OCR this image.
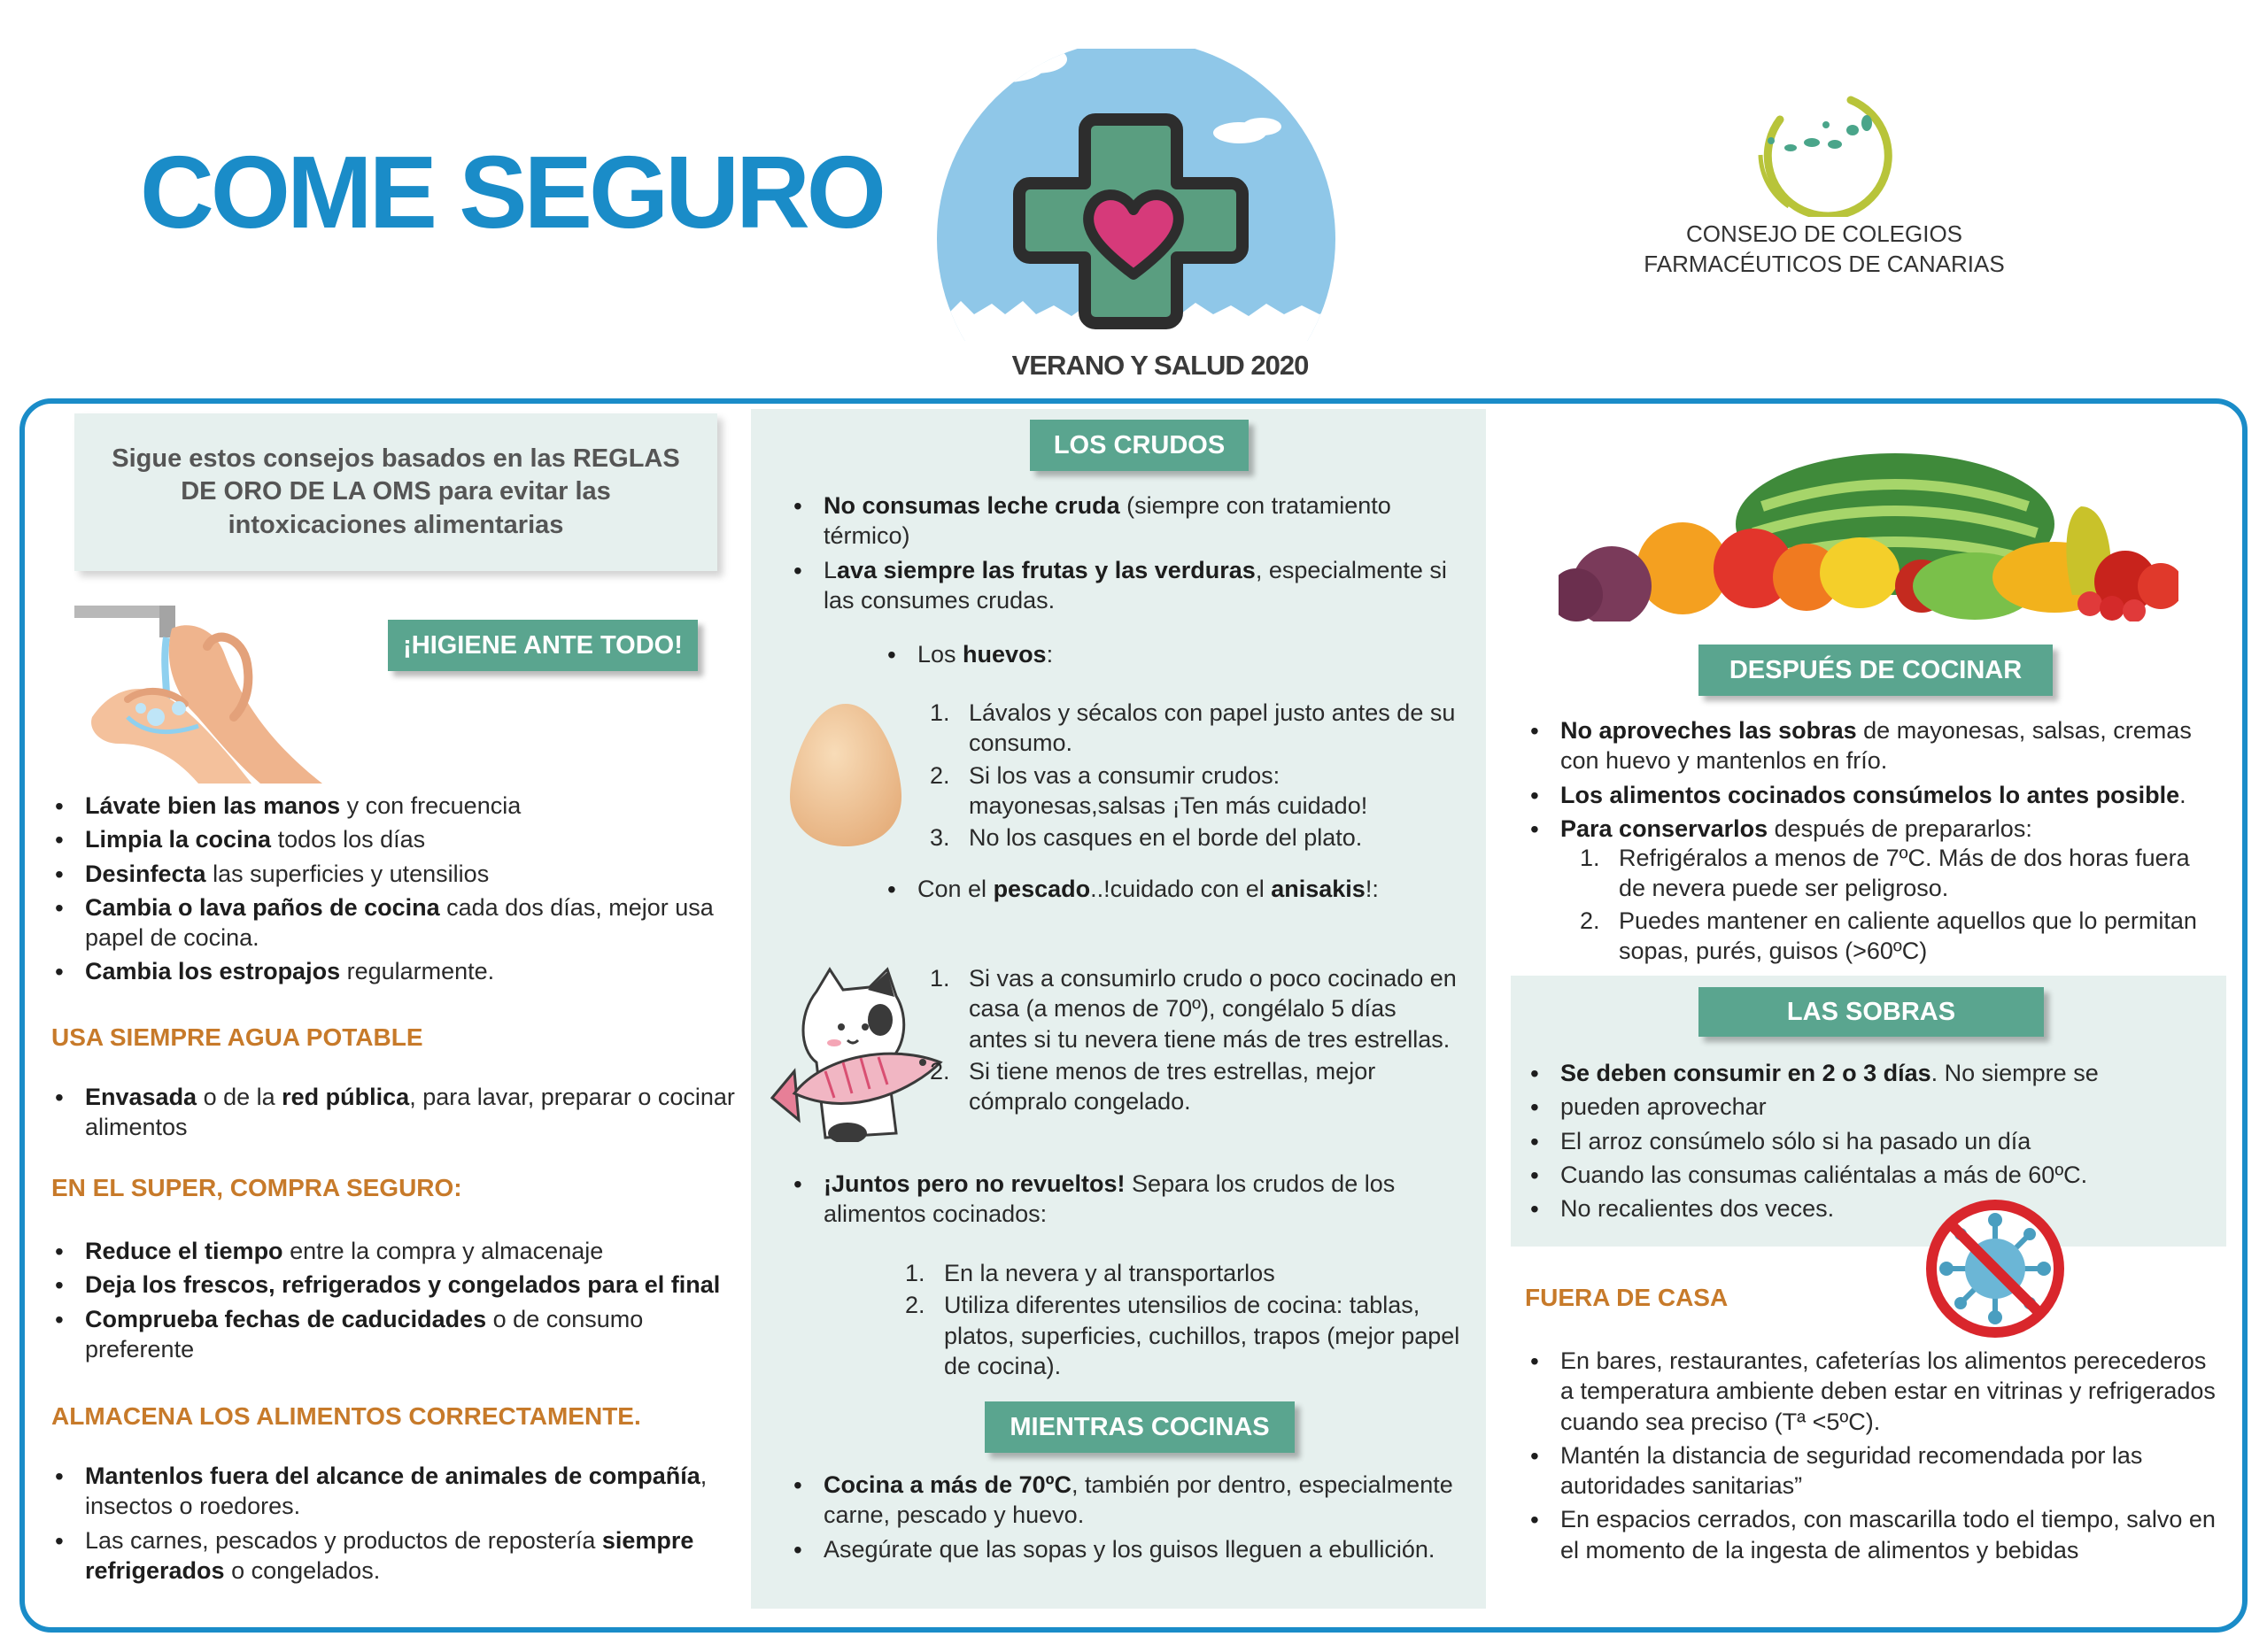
COME SEGURO
VERANO Y SALUD 2020
CONSEJO DE COLEGIOS
FARMACÉUTICOS DE CANARIAS
Sigue estos consejos basados en las REGLAS DE ORO DE LA OMS para evitar las intoxicaciones alimentarias
¡HIGIENE ANTE TODO!
• Lávate bien las manos y con frecuencia
• Limpia la cocina todos los días
• Desinfecta las superficies y utensilios
• Cambia o lava paños de cocina cada dos días, mejor usa papel de cocina.
• Cambia los estropajos regularmente.
USA SIEMPRE AGUA POTABLE
• Envasada o de la red pública, para lavar, preparar o cocinar alimentos
EN EL SUPER, COMPRA SEGURO:
• Reduce el tiempo entre la compra y almacenaje
• Deja los frescos, refrigerados y congelados para el final
• Comprueba fechas de caducidades o de consumo preferente
ALMACENA LOS ALIMENTOS CORRECTAMENTE.
• Mantenlos fuera del alcance de animales de compañía, insectos o roedores.
• Las carnes, pescados y productos de repostería siempre refrigerados o congelados.
LOS CRUDOS
• No consumas leche cruda (siempre con tratamiento térmico)
• Lava siempre las frutas y las verduras, especialmente si las consumes crudas.
• Los huevos:
1. Lávalos y sécalos con papel justo antes de su consumo.
2. Si los vas a consumir crudos: mayonesas,salsas ¡Ten más cuidado!
3. No los casques en el borde del plato.
• Con el pescado..!cuidado con el anisakis!:
1. Si vas a consumirlo crudo o poco cocinado en casa (a menos de 70º), congélalo 5 días antes si tu nevera tiene más de tres estrellas.
2. Si tiene menos de tres estrellas, mejor cómpralo congelado.
• ¡Juntos pero no revueltos! Separa los crudos de los alimentos cocinados:
1. En la nevera y al transportarlos
2. Utiliza diferentes utensilios de cocina: tablas, platos, superficies, cuchillos, trapos (mejor papel de cocina).
MIENTRAS COCINAS
• Cocina a más de 70ºC, también por dentro, especialmente carne, pescado y huevo.
• Asegúrate que las sopas y los guisos lleguen a ebullición.
DESPUÉS DE COCINAR
• No aproveches las sobras de mayonesas, salsas, cremas con huevo y mantenlos en frío.
• Los alimentos cocinados consúmelos lo antes posible.
• Para conservarlos después de prepararlos:
1. Refrigéralos a menos de 7ºC. Más de dos horas fuera de nevera puede ser peligroso.
2. Puedes mantener en caliente aquellos que lo permitan sopas, purés, guisos (>60ºC)
LAS SOBRAS
• Se deben consumir en 2 o 3 días. No siempre se
• pueden aprovechar
• El arroz consúmelo sólo si ha pasado un día
• Cuando las consumas caliéntalas a más de 60ºC.
• No recalientes dos veces.
FUERA DE CASA
• En bares, restaurantes, cafeterías los alimentos perecederos a temperatura ambiente deben estar en vitrinas y refrigerados cuando sea preciso (Tª <5ºC).
• Mantén la distancia de seguridad recomendada por las autoridades sanitarias”
• En espacios cerrados, con mascarilla todo el tiempo, salvo en el momento de la ingesta de alimentos y bebidas
